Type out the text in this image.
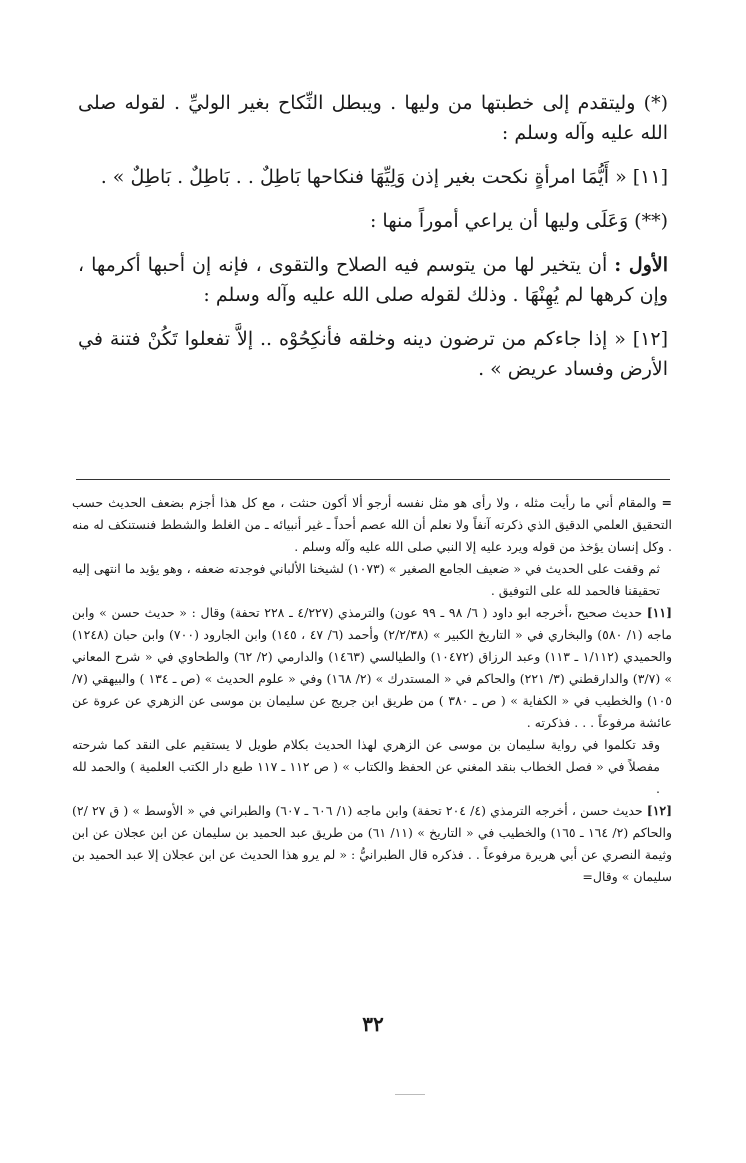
(*) وليتقدم إلى خطبتها من وليها . ويبطل النِّكاح بغير الوليِّ . لقوله صلى الله عليه وآله وسلم :

[١١] « أَيُّمَا امرأةٍ نكحت بغير إذن وَلِيِّهَا فنكاحها بَاطِلٌ . . بَاطِلٌ . بَاطِلٌ » .

(**) وَعَلَى وليها أن يراعي أموراً منها :

الأول : أن يتخير لها من يتوسم فيه الصلاح والتقوى ، فإنه إن أحبها أكرمها ، وإن كرهها لم يُهِنْهَا . وذلك لقوله صلى الله عليه وآله وسلم :

[١٢] « إذا جاءكم من ترضون دينه وخلقه فأنكِحُوْه .. إلاَّ تفعلوا تَكُنْ فتنة في الأرض وفساد عريض » .

= والمقام أني ما رأيت مثله ، ولا رأى هو مثل نفسه أرجو ألا أكون حنثت ، مع كل هذا أجزم بضعف الحديث حسب التحقيق العلمي الدقيق الذي ذكرته آنفاً ولا نعلم أن الله عصم أحداً ـ غير أنبيائه ـ من الغلط والشطط فنستنكف له منه . وكل إنسان يؤخذ من قوله ويرد عليه إلا النبي صلى الله عليه وآله وسلم .

ثم وقفت على الحديث في « ضعيف الجامع الصغير » (١٠٧٣) لشيخنا الألباني فوجدته ضعفه ، وهو يؤيد ما انتهى إليه تحقيقنا فالحمد لله على التوفيق .

[١١] حديث صحيح ،أخرجه ابو داود ( ٦/ ٩٨ ـ ٩٩ عون) والترمذي (٤/٢٢٧ ـ ٢٢٨ تحفة) وقال : « حديث حسن » وابن ماجه (١/ ٥٨٠) والبخاري في « التاريخ الكبير » (٢/٢/٣٨) وأحمد (٦/ ٤٧ ، ١٤٥) وابن الجارود (٧٠٠) وابن حبان (١٢٤٨) والحميدي (١/١١٢ ـ ١١٣) وعبد الرزاق (١٠٤٧٢) والطيالسي (١٤٦٣) والدارمي (٢/ ٦٢) والطحاوي في « شرح المعاني » (٣/٧) والدارقطني (٣/ ٢٢١) والحاكم في « المستدرك » (٢/ ١٦٨) وفي « علوم الحديث » (ص ـ ١٣٤ ) والبيهقي (٧/ ١٠٥) والخطيب في « الكفاية » ( ص ـ ٣٨٠ ) من طريق ابن جريج عن سليمان بن موسى عن الزهري عن عروة عن عائشة مرفوعاً . . . فذكرته .

وقد تكلموا في رواية سليمان بن موسى عن الزهري لهذا الحديث بكلام طويل لا يستقيم على النقد كما شرحته مفصلاً في « فصل الخطاب بنقد المغني عن الحفظ والكتاب » ( ص ١١٢ ـ ١١٧ طبع دار الكتب العلمية ) والحمد لله .

[١٢] حديث حسن ، أخرجه الترمذي (٤/ ٢٠٤ تحفة) وابن ماجه (١/ ٦٠٦ ـ ٦٠٧) والطبراني في « الأوسط » ( ق ٢٧ /٢) والحاكم (٢/ ١٦٤ ـ ١٦٥) والخطيب في « التاريخ » (١١/ ٦١) من طريق عبد الحميد بن سليمان عن ابن عجلان عن ابن وثيمة النصري عن أبي هريرة مرفوعاً . . فذكره قال الطبرانيُّ : « لم يرو هذا الحديث عن ابن عجلان إلا عبد الحميد بن سليمان » وقال=

٣٢
